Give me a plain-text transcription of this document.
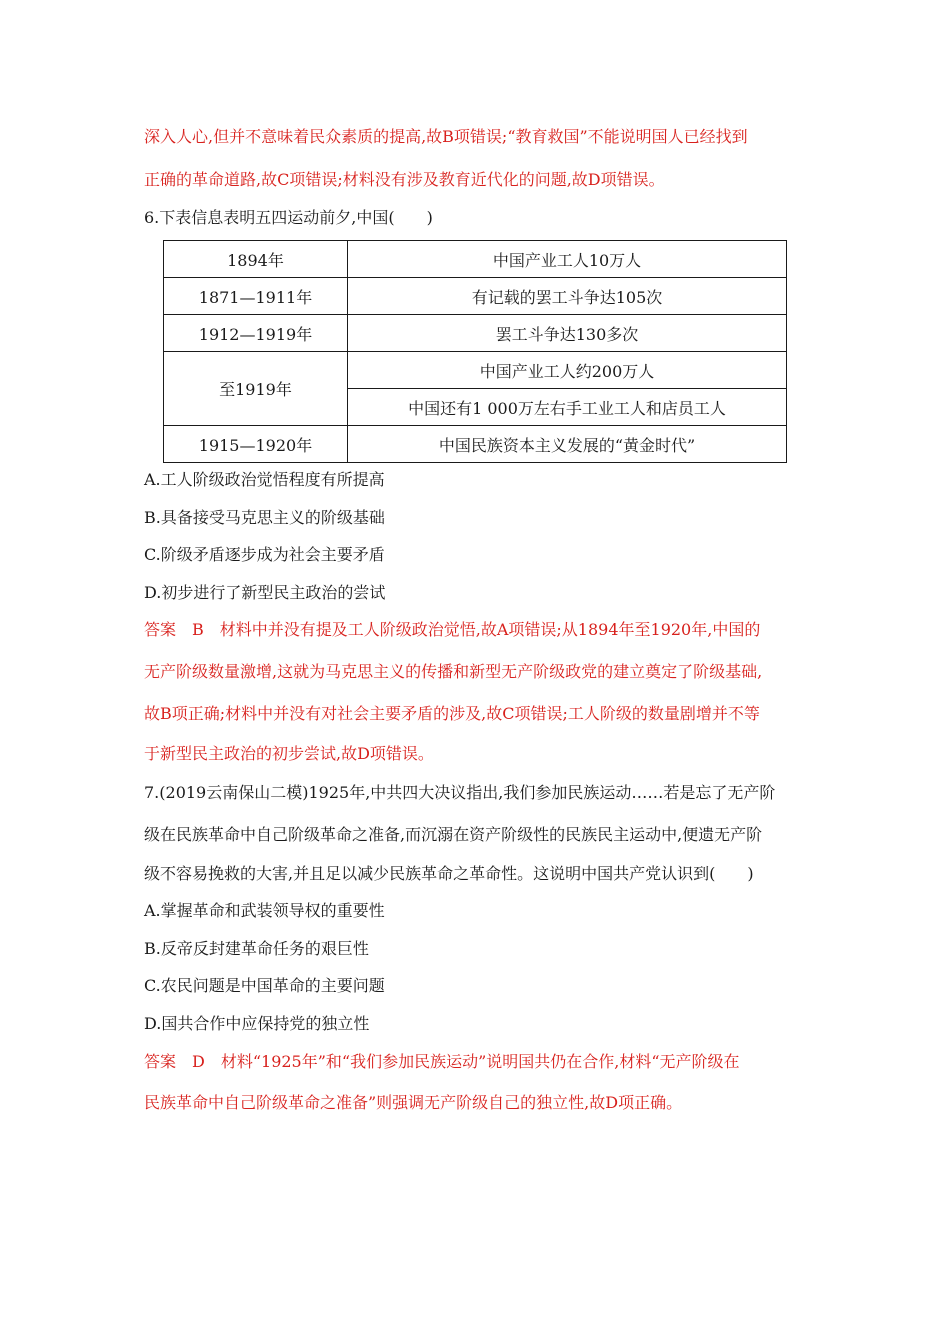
深入人心,但并不意味着民众素质的提高,故B项错误;“教育救国”不能说明国人已经找到
正确的革命道路,故C项错误;材料没有涉及教育近代化的问题,故D项错误。
6.下表信息表明五四运动前夕,中国(　　)
1894年	中国产业工人10万人
1871—1911年	有记载的罢工斗争达105次
1912—1919年	罢工斗争达130多次
至1919年	中国产业工人约200万人
	中国还有1 000万左右手工业工人和店员工人
1915—1920年	中国民族资本主义发展的“黄金时代”
A.工人阶级政治觉悟程度有所提高
B.具备接受马克思主义的阶级基础
C.阶级矛盾逐步成为社会主要矛盾
D.初步进行了新型民主政治的尝试
答案　B　材料中并没有提及工人阶级政治觉悟,故A项错误;从1894年至1920年,中国的
无产阶级数量激增,这就为马克思主义的传播和新型无产阶级政党的建立奠定了阶级基础,
故B项正确;材料中并没有对社会主要矛盾的涉及,故C项错误;工人阶级的数量剧增并不等
于新型民主政治的初步尝试,故D项错误。
7.(2019云南保山二模)1925年,中共四大决议指出,我们参加民族运动……若是忘了无产阶
级在民族革命中自己阶级革命之准备,而沉溺在资产阶级性的民族民主运动中,便遗无产阶
级不容易挽救的大害,并且足以减少民族革命之革命性。这说明中国共产党认识到(　　)
A.掌握革命和武装领导权的重要性
B.反帝反封建革命任务的艰巨性
C.农民问题是中国革命的主要问题
D.国共合作中应保持党的独立性
答案　D　材料“1925年”和“我们参加民族运动”说明国共仍在合作,材料“无产阶级在
民族革命中自己阶级革命之准备”则强调无产阶级自己的独立性,故D项正确。
